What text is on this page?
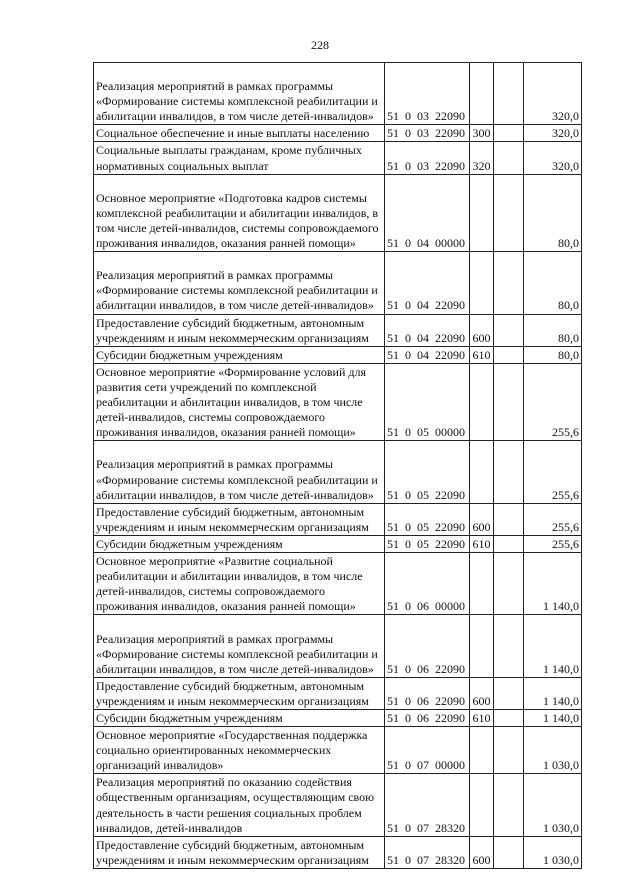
228
Реализация мероприятий в рамках программы «Формирование системы комплексной реабилитации и абилитации инвалидов, в том числе детей-инвалидов»	51 0 03 22090			320,0
Социальное обеспечение и иные выплаты населению	51 0 03 22090	300		320,0
Социальные выплаты гражданам, кроме публичных нормативных социальных выплат	51 0 03 22090	320		320,0
Основное мероприятие «Подготовка кадров системы комплексной реабилитации и абилитации инвалидов, в том числе детей-инвалидов, системы сопровождаемого проживания инвалидов, оказания ранней помощи»	51 0 04 00000			80,0
Реализация мероприятий в рамках программы «Формирование системы комплексной реабилитации и абилитации инвалидов, в том числе детей-инвалидов»	51 0 04 22090			80,0
Предоставление субсидий бюджетным, автономным учреждениям и иным некоммерческим организациям	51 0 04 22090	600		80,0
Субсидии бюджетным учреждениям	51 0 04 22090	610		80,0
Основное мероприятие «Формирование условий для развития сети учреждений по комплексной реабилитации и абилитации инвалидов, в том числе детей-инвалидов, системы сопровождаемого проживания инвалидов, оказания ранней помощи»	51 0 05 00000			255,6
Реализация мероприятий в рамках программы «Формирование системы комплексной реабилитации и абилитации инвалидов, в том числе детей-инвалидов»	51 0 05 22090			255,6
Предоставление субсидий бюджетным, автономным учреждениям и иным некоммерческим организациям	51 0 05 22090	600		255,6
Субсидии бюджетным учреждениям	51 0 05 22090	610		255,6
Основное мероприятие «Развитие социальной реабилитации и абилитации инвалидов, в том числе детей-инвалидов, системы сопровождаемого проживания инвалидов, оказания ранней помощи»	51 0 06 00000			1 140,0
Реализация мероприятий в рамках программы «Формирование системы комплексной реабилитации и абилитации инвалидов, в том числе детей-инвалидов»	51 0 06 22090			1 140,0
Предоставление субсидий бюджетным, автономным учреждениям и иным некоммерческим организациям	51 0 06 22090	600		1 140,0
Субсидии бюджетным учреждениям	51 0 06 22090	610		1 140,0
Основное мероприятие «Государственная поддержка социально ориентированных некоммерческих организаций инвалидов»	51 0 07 00000			1 030,0
Реализация мероприятий по оказанию содействия общественным организациям, осуществляющим свою деятельность в части решения социальных проблем инвалидов, детей-инвалидов	51 0 07 28320			1 030,0
Предоставление субсидий бюджетным, автономным учреждениям и иным некоммерческим организациям	51 0 07 28320	600		1 030,0
